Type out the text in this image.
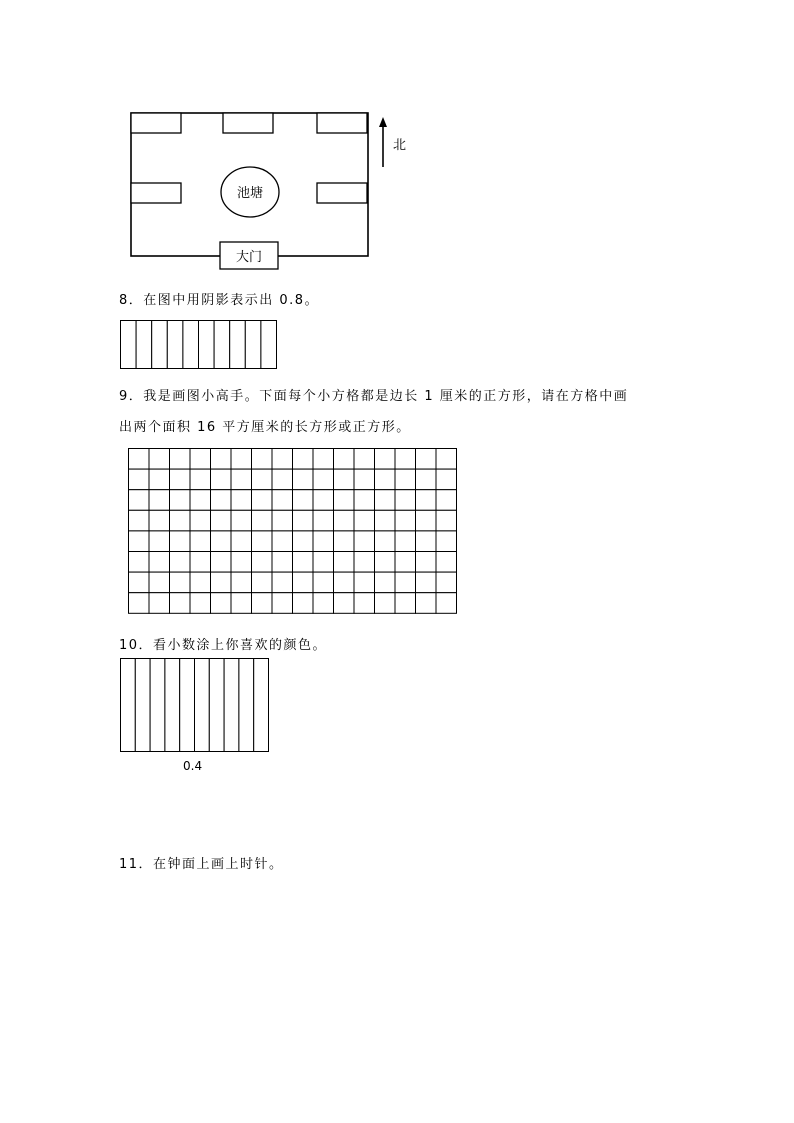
池塘
大门
北
8．在图中用阴影表示出 0.8。
9．我是画图小高手。下面每个小方格都是边长 1 厘米的正方形，请在方格中画
出两个面积 16 平方厘米的长方形或正方形。
10．看小数涂上你喜欢的颜色。
0.4
11．在钟面上画上时针。
